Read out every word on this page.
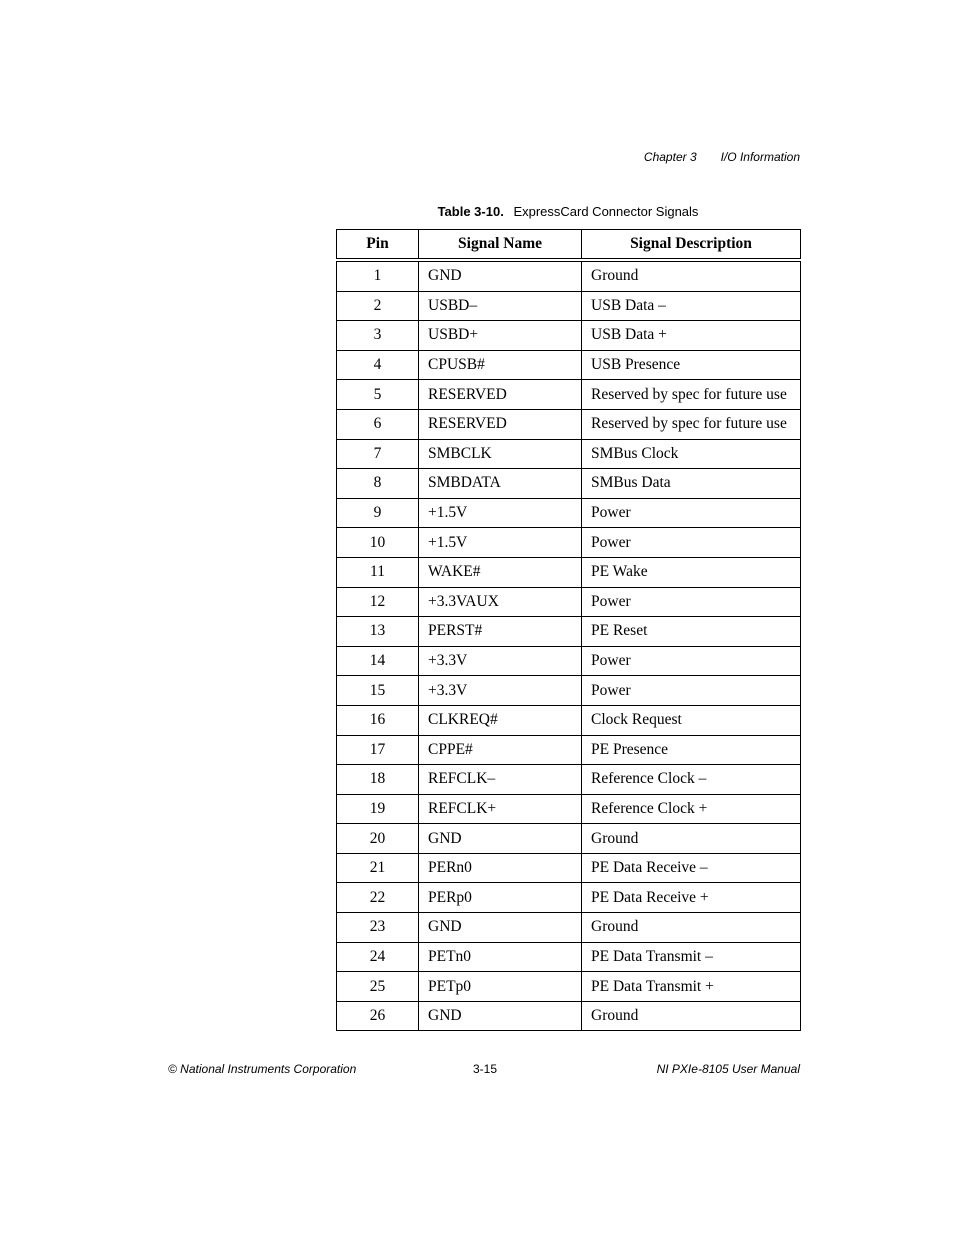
Chapter 3 I/O Information
Table 3-10. ExpressCard Connector Signals
Pin	Signal Name	Signal Description
1	GND	Ground
2	USBD–	USB Data –
3	USBD+	USB Data +
4	CPUSB#	USB Presence
5	RESERVED	Reserved by spec for future use
6	RESERVED	Reserved by spec for future use
7	SMBCLK	SMBus Clock
8	SMBDATA	SMBus Data
9	+1.5V	Power
10	+1.5V	Power
11	WAKE#	PE Wake
12	+3.3VAUX	Power
13	PERST#	PE Reset
14	+3.3V	Power
15	+3.3V	Power
16	CLKREQ#	Clock Request
17	CPPE#	PE Presence
18	REFCLK–	Reference Clock –
19	REFCLK+	Reference Clock +
20	GND	Ground
21	PERn0	PE Data Receive –
22	PERp0	PE Data Receive +
23	GND	Ground
24	PETn0	PE Data Transmit –
25	PETp0	PE Data Transmit +
26	GND	Ground
© National Instruments Corporation	3-15	NI PXIe-8105 User Manual
